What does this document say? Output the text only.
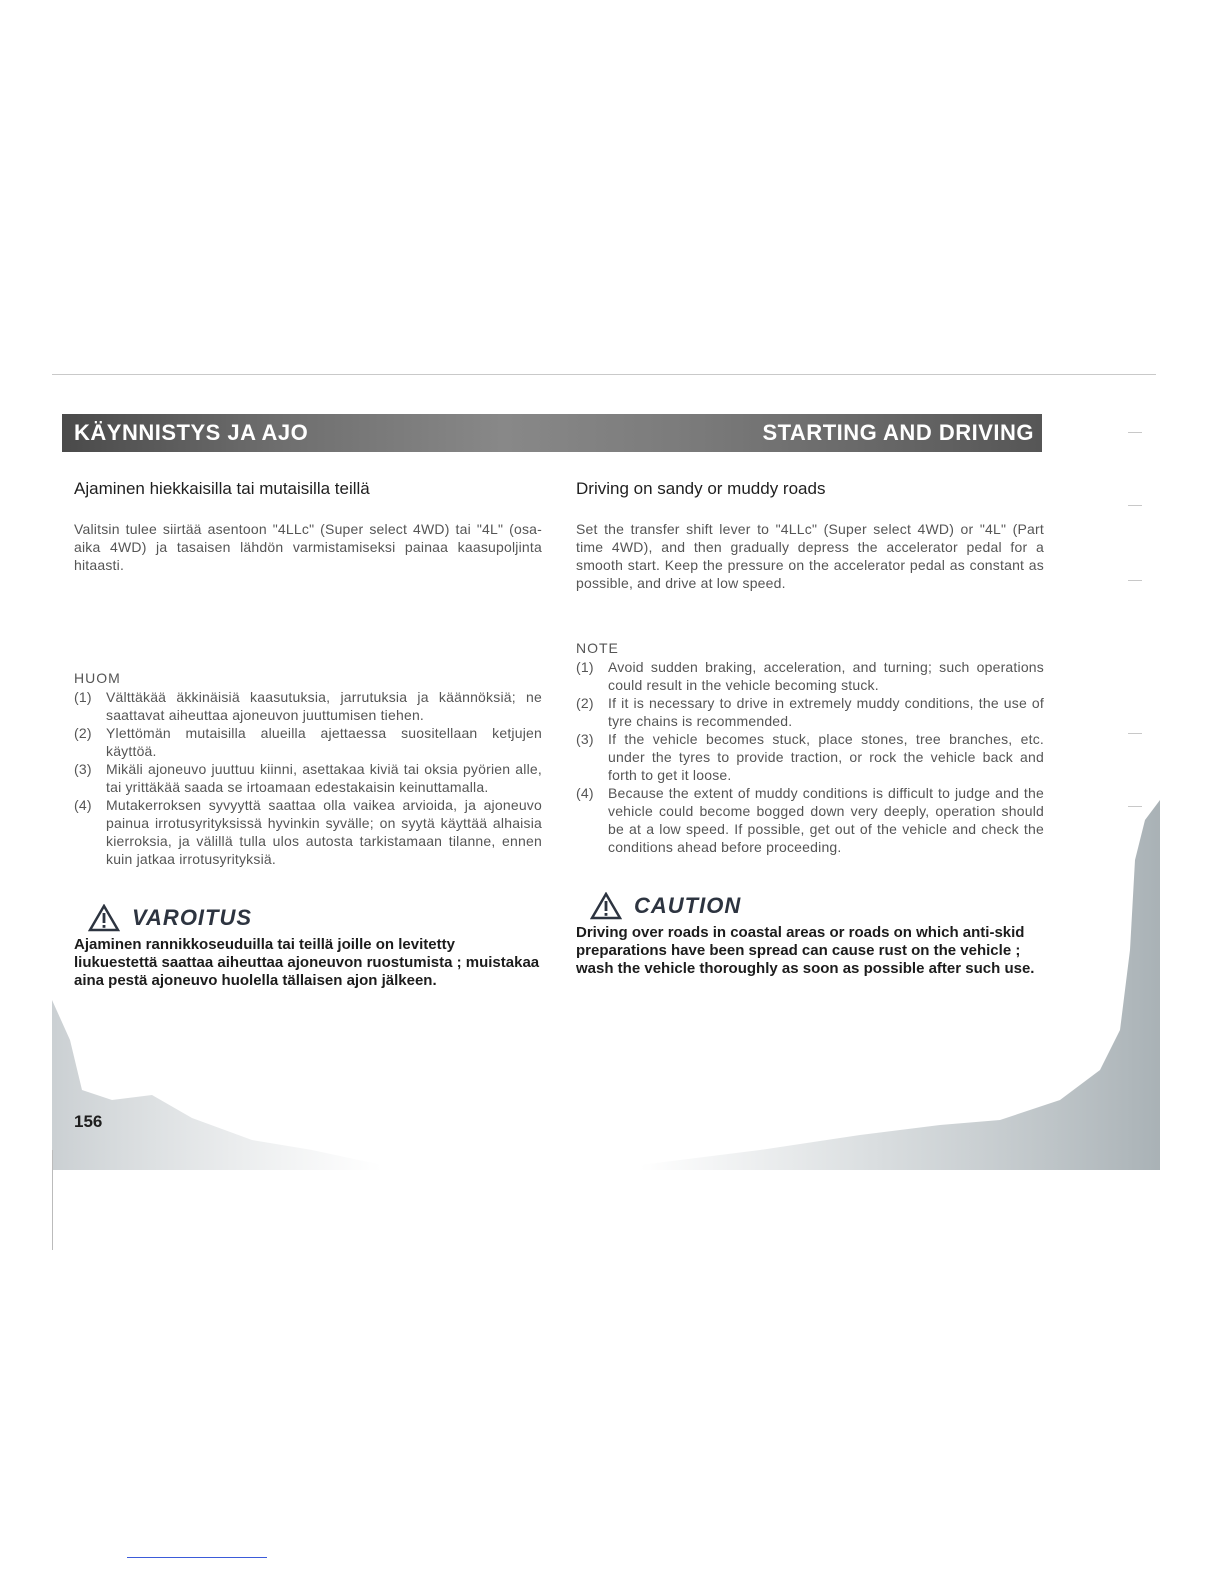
KÄYNNISTYS JA AJO	STARTING AND DRIVING

Ajaminen hiekkaisilla tai mutaisilla teillä

Valitsin tulee siirtää asentoon "4LLc" (Super select 4WD) tai "4L" (osa-aika 4WD) ja tasaisen lähdön varmistamiseksi painaa kaasupoljinta hitaasti.

HUOM

(1) Välttäkää äkkinäisiä kaasutuksia, jarrutuksia ja käännöksiä; ne saattavat aiheuttaa ajoneuvon juuttumisen tiehen.
(2) Ylettömän mutaisilla alueilla ajettaessa suositellaan ketjujen käyttöä.
(3) Mikäli ajoneuvo juuttuu kiinni, asettakaa kiviä tai oksia pyörien alle, tai yrittäkää saada se irtoamaan edestakaisin keinuttamalla.
(4) Mutakerroksen syvyyttä saattaa olla vaikea arvioida, ja ajoneuvo painua irrotusyrityksissä hyvinkin syvälle; on syytä käyttää alhaisia kierroksia, ja välillä tulla ulos autosta tarkistamaan tilanne, ennen kuin jatkaa irrotusyrityksiä.
VAROITUS

Ajaminen rannikkoseuduilla tai teillä joille on levitetty liukuestettä saattaa aiheuttaa ajoneuvon ruostumista ; muistakaa aina pestä ajoneuvo huolella tällaisen ajon jälkeen.

Driving on sandy or muddy roads

Set the transfer shift lever to "4LLc" (Super select 4WD) or "4L" (Part time 4WD), and then gradually depress the accelerator pedal for a smooth start. Keep the pressure on the accelerator pedal as constant as possible, and drive at low speed.

NOTE

(1) Avoid sudden braking, acceleration, and turning; such operations could result in the vehicle becoming stuck.
(2) If it is necessary to drive in extremely muddy conditions, the use of tyre chains is recommended.
(3) If the vehicle becomes stuck, place stones, tree branches, etc. under the tyres to provide traction, or rock the vehicle back and forth to get it loose.
(4) Because the extent of muddy conditions is difficult to judge and the vehicle could become bogged down very deeply, operation should be at a low speed. If possible, get out of the vehicle and check the conditions ahead before proceeding.
CAUTION

Driving over roads in coastal areas or roads on which anti-skid preparations have been spread can cause rust on the vehicle ; wash the vehicle thoroughly as soon as possible after such use.

156
